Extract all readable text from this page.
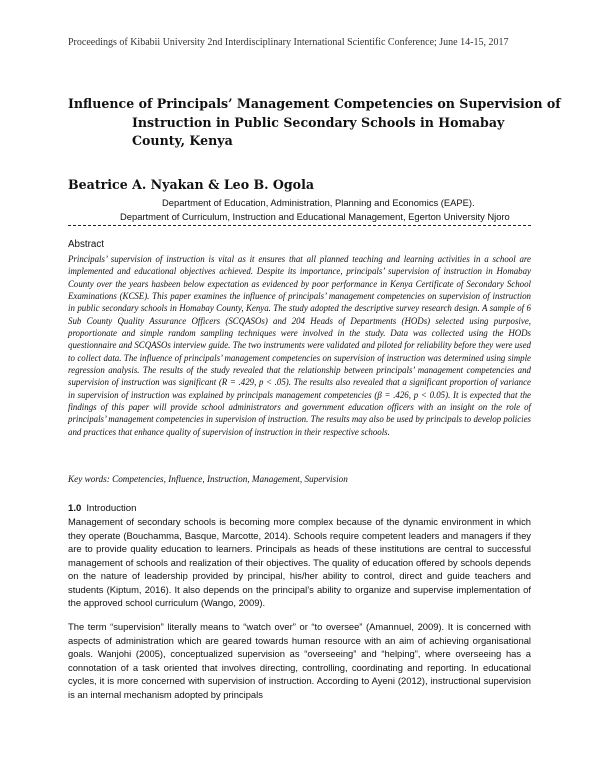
Proceedings of Kibabii University 2nd Interdisciplinary International Scientific Conference; June 14-15, 2017
Influence of Principals’ Management Competencies on Supervision of
Instruction in Public Secondary Schools in Homabay County, Kenya
Beatrice A. Nyakan & Leo B. Ogola
Department of Education, Administration, Planning and Economics (EAPE).
Department of Curriculum, Instruction and Educational Management, Egerton University Njoro
Abstract

Principals’ supervision of instruction is vital as it ensures that all planned teaching and learning activities in a school are implemented and educational objectives achieved. Despite its importance, principals’ supervision of instruction in Homabay County over the years hasbeen below expectation as evidenced by poor performance in Kenya Certificate of Secondary School Examinations (KCSE). This paper examines the influence of principals’ management competencies on supervision of instruction in public secondary schools in Homabay County, Kenya. The study adopted the descriptive survey research design. A sample of 6 Sub County Quality Assurance Officers (SCQASOs) and 204 Heads of Departments (HODs) selected using purposive, proportionate and simple random sampling techniques were involved in the study. Data was collected using the HODs questionnaire and SCQASOs interview guide. The two instruments were validated and piloted for reliability before they were used to collect data. The influence of principals’ management competencies on supervision of instruction was determined using simple regression analysis. The results of the study revealed that the relationship between principals’ management competencies and supervision of instruction was significant (R = .429, p < .05). The results also revealed that a significant proportion of variance in supervision of instruction was explained by principals management competencies (β = .426, p < 0.05). It is expected that the findings of this paper will provide school administrators and government education officers with an insight on the role of principals’ management competencies in supervision of instruction. The results may also be used by principals to develop policies and practices that enhance quality of supervision of instruction in their respective schools.

Key words: Competencies, Influence, Instruction, Management, Supervision
1.0 Introduction

Management of secondary schools is becoming more complex because of the dynamic environment in which they operate (Bouchamma, Basque, Marcotte, 2014). Schools require competent leaders and managers if they are to provide quality education to learners. Principals as heads of these institutions are central to successful management of schools and realization of their objectives. The quality of education offered by schools depends on the nature of leadership provided by principal, his/her ability to control, direct and guide teachers and students (Kiptum, 2016). It also depends on the principal’s ability to organize and supervise implementation of the approved school curriculum (Wango, 2009).

The term “supervision” literally means to “watch over” or “to oversee” (Amannuel, 2009). It is concerned with aspects of administration which are geared towards human resource with an aim of achieving organisational goals. Wanjohi (2005), conceptualized supervision as “overseeing” and “helping”, where overseeing has a connotation of a task oriented that involves directing, controlling, coordinating and reporting. In educational cycles, it is more concerned with supervision of instruction. According to Ayeni (2012), instructional supervision is an internal mechanism adopted by principals
